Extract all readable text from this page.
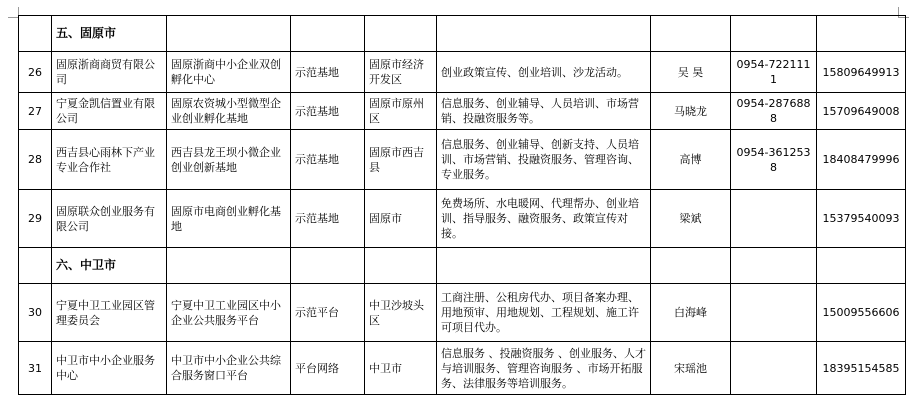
	五、固原市							
26	固原浙商商贸有限公司	固原浙商中小企业双创孵化中心	示范基地	固原市经济开发区	创业政策宣传、创业培训、沙龙活动。	吴 昊	0954-7221111	15809649913
27	宁夏金凯信置业有限公司	固原农资城小型微型企业创业孵化基地	示范基地	固原市原州区	信息服务、创业辅导、人员培训、市场营销、投融资服务等。	马晓龙	0954-2876888	15709649008
28	西吉县心雨林下产业专业合作社	西吉县龙王坝小微企业创业创新基地	示范基地	固原市西吉县	信息服务、创业辅导、创新支持、人员培训、市场营销、投融资服务、管理咨询、专业服务。	高博	0954-3612538	18408479996
29	固原联众创业服务有限公司	固原市电商创业孵化基地	示范基地	固原市	免费场所、水电暖网、代理帮办、创业培训、指导服务、融资服务、政策宣传对接。	梁斌		15379540093
	六、中卫市							
30	宁夏中卫工业园区管理委员会	宁夏中卫工业园区中小企业公共服务平台	示范平台	中卫沙坡头区	工商注册、公租房代办、项目备案办理、用地预审、用地规划、工程规划、施工许可项目代办。	白海峰		15009556606
31	中卫市中小企业服务中心	中卫市中小企业公共综合服务窗口平台	平台网络	中卫市	信息服务 、投融资服务 、创业服务、人才与培训服务、管理咨询服务 、市场开拓服务、法律服务等培训服务。	宋瑶池		18395154585
